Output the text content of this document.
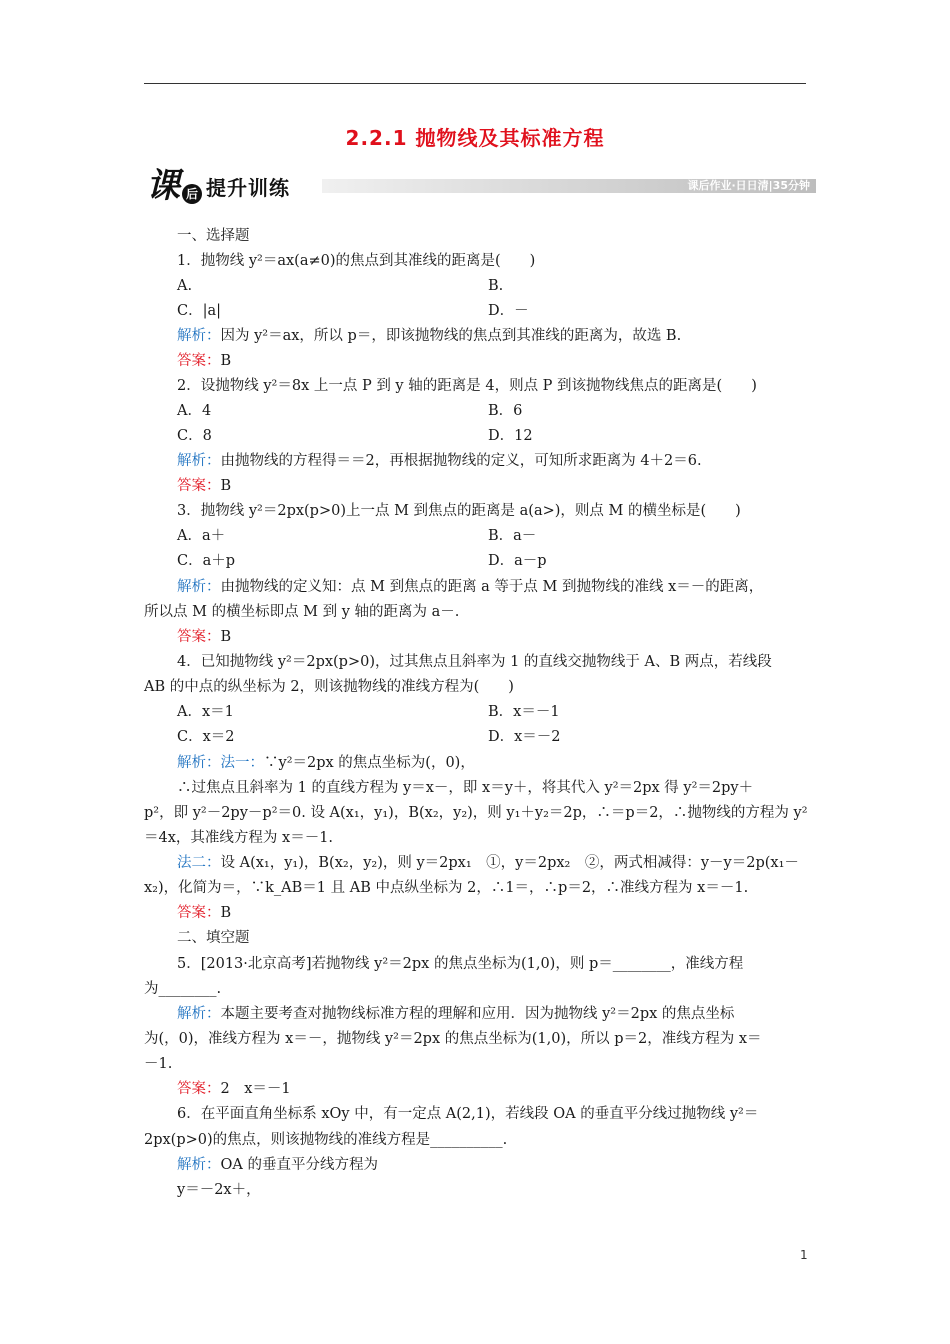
2.2.1 抛物线及其标准方程
课 后 提升训练	课后作业·日日清|35分钟
一、选择题
1．抛物线 y²＝ax(a≠0)的焦点到其准线的距离是(　　)
A.	B.
C．|a|	D．－
解析：因为 y²＝ax，所以 p＝，即该抛物线的焦点到其准线的距离为，故选 B.
答案：B
2．设抛物线 y²＝8x 上一点 P 到 y 轴的距离是 4，则点 P 到该抛物线焦点的距离是(　　)
A．4	B．6
C．8	D．12
解析：由抛物线的方程得＝＝2，再根据抛物线的定义，可知所求距离为 4＋2＝6.
答案：B
3．抛物线 y²＝2px(p>0)上一点 M 到焦点的距离是 a(a>)，则点 M 的横坐标是(　　)
A．a＋	B．a－
C．a＋p	D．a－p
解析：由抛物线的定义知：点 M 到焦点的距离 a 等于点 M 到抛物线的准线 x＝－的距离，
所以点 M 的横坐标即点 M 到 y 轴的距离为 a－.
答案：B
4．已知抛物线 y²＝2px(p>0)，过其焦点且斜率为 1 的直线交抛物线于 A、B 两点，若线段
AB 的中点的纵坐标为 2，则该抛物线的准线方程为(　　)
A．x＝1	B．x＝－1
C．x＝2	D．x＝－2
解析：法一：∵y²＝2px 的焦点坐标为(，0)，
∴过焦点且斜率为 1 的直线方程为 y＝x－，即 x＝y＋，将其代入 y²＝2px 得 y²＝2py＋
p²，即 y²－2py－p²＝0. 设 A(x₁，y₁)，B(x₂，y₂)，则 y₁＋y₂＝2p，∴＝p＝2，∴抛物线的方程为 y²
＝4x，其准线方程为 x＝－1.
法二：设 A(x₁，y₁)，B(x₂，y₂)，则 y＝2px₁　①，y＝2px₂　②，两式相减得：y－y＝2p(x₁－
x₂)，化简为＝，∵k_AB＝1 且 AB 中点纵坐标为 2，∴1＝，∴p＝2，∴准线方程为 x＝－1.
答案：B
二、填空题
5．[2013·北京高考]若抛物线 y²＝2px 的焦点坐标为(1,0)，则 p＝________，准线方程
为________.
解析：本题主要考查对抛物线标准方程的理解和应用．因为抛物线 y²＝2px 的焦点坐标
为(，0)，准线方程为 x＝－，抛物线 y²＝2px 的焦点坐标为(1,0)，所以 p＝2，准线方程为 x＝
－1.
答案：2　x＝－1
6．在平面直角坐标系 xOy 中，有一定点 A(2,1)，若线段 OA 的垂直平分线过抛物线 y²＝
2px(p>0)的焦点，则该抛物线的准线方程是__________.
解析：OA 的垂直平分线方程为
y＝－2x＋，
1
